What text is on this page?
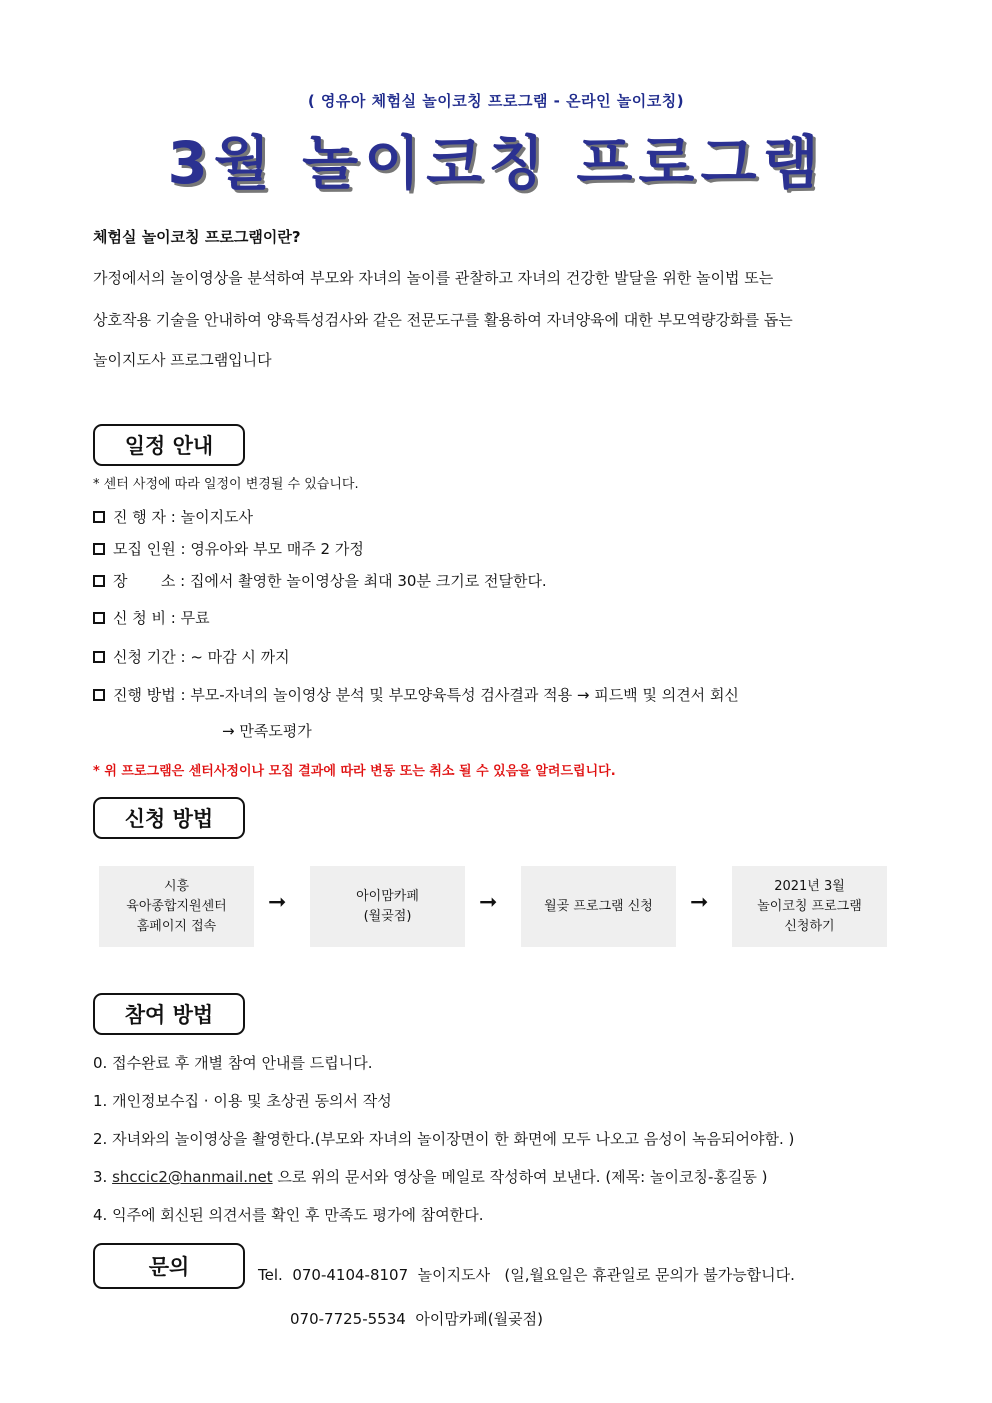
( 영유아 체험실 놀이코칭 프로그램 - 온라인 놀이코칭)
3월 놀이코칭 프로그램
체험실 놀이코칭 프로그램이란?
가정에서의 놀이영상을 분석하여 부모와 자녀의 놀이를 관찰하고 자녀의 건강한 발달을 위한 놀이법 또는
상호작용 기술을 안내하여 양육특성검사와 같은 전문도구를 활용하여 자녀양육에 대한 부모역량강화를 돕는
놀이지도사 프로그램입니다
일정 안내
* 센터 사정에 따라 일정이 변경될 수 있습니다.
진 행 자 : 놀이지도사
모집 인원 : 영유아와 부모 매주 2 가정
장       소 : 집에서 촬영한 놀이영상을 최대 30분 크기로 전달한다.
신 청 비 : 무료
신청 기간 : ~ 마감 시 까지
진행 방법 : 부모-자녀의 놀이영상 분석 및 부모양육특성 검사결과 적용 → 피드백 및 의견서 회신
→ 만족도평가
* 위 프로그램은 센터사정이나 모집 결과에 따라 변동 또는 취소 될 수 있음을 알려드립니다.
신청 방법
시흥
육아종합지원센터
홈페이지 접속
➞	아이맘카페
(월곶점)
➞	월곶 프로그램 신청	➞
2021년 3월
놀이코칭 프로그램
신청하기
참여 방법
0. 접수완료 후 개별 참여 안내를 드립니다.
1. 개인정보수집 · 이용 및 초상권 동의서 작성
2. 자녀와의 놀이영상을 촬영한다.(부모와 자녀의 놀이장면이 한 화면에 모두 나오고 음성이 녹음되어야함. )
3. shccic2@hanmail.net 으로 위의 문서와 영상을 메일로 작성하여 보낸다. (제목: 놀이코칭-홍길동 )
4. 익주에 회신된 의견서를 확인 후 만족도 평가에 참여한다.
문의	Tel.  070-4104-8107  놀이지도사   (일,월요일은 휴관일로 문의가 불가능합니다.
070-7725-5534  아이맘카페(월곶점)
